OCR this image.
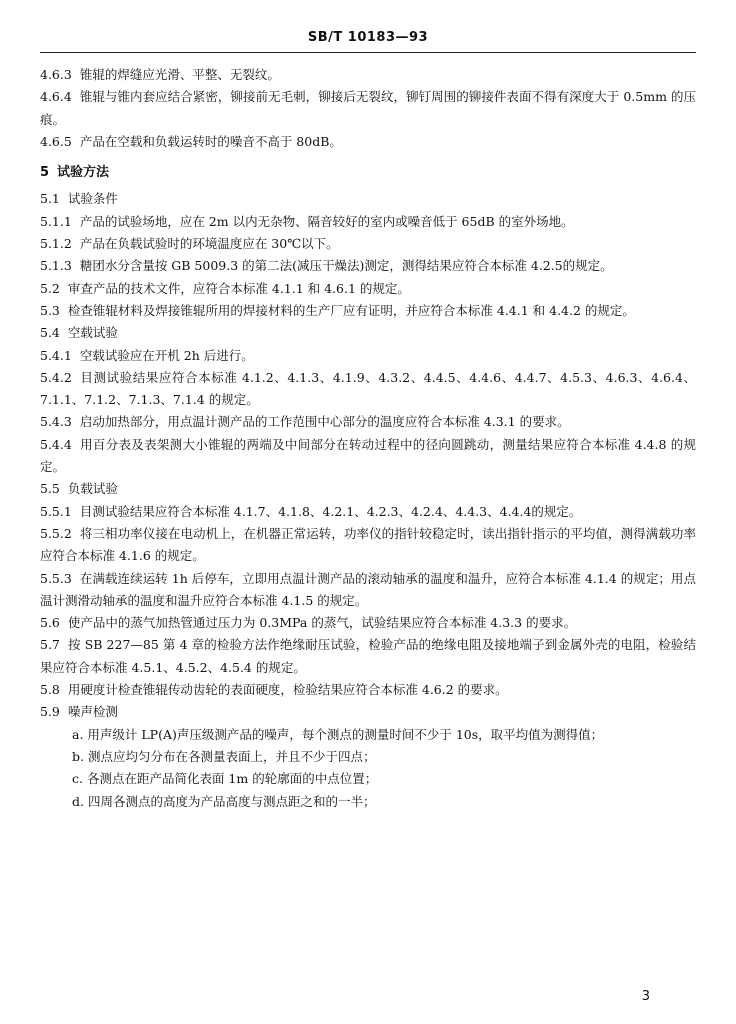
SB/T 10183—93

4.6.3 锥辊的焊缝应光滑、平整、无裂纹。

4.6.4 锥辊与锥内套应结合紧密，铆接前无毛刺，铆接后无裂纹，铆钉周围的铆接件表面不得有深度大于 0.5mm 的压痕。

4.6.5 产品在空载和负载运转时的噪音不高于 80dB。

5 试验方法

5.1 试验条件

5.1.1 产品的试验场地，应在 2m 以内无杂物、隔音较好的室内或噪音低于 65dB 的室外场地。

5.1.2 产品在负载试验时的环境温度应在 30℃以下。

5.1.3 糖团水分含量按 GB 5009.3 的第二法(减压干燥法)测定，测得结果应符合本标准 4.2.5的规定。

5.2 审查产品的技术文件，应符合本标准 4.1.1 和 4.6.1 的规定。

5.3 检查锥辊材料及焊接锥辊所用的焊接材料的生产厂应有证明，并应符合本标准 4.4.1 和 4.4.2 的规定。

5.4 空载试验

5.4.1 空载试验应在开机 2h 后进行。

5.4.2 目测试验结果应符合本标准 4.1.2、4.1.3、4.1.9、4.3.2、4.4.5、4.4.6、4.4.7、4.5.3、4.6.3、4.6.4、7.1.1、7.1.2、7.1.3、7.1.4 的规定。

5.4.3 启动加热部分，用点温计测产品的工作范围中心部分的温度应符合本标准 4.3.1 的要求。

5.4.4 用百分表及表架测大小锥辊的两端及中间部分在转动过程中的径向圆跳动，测量结果应符合本标准 4.4.8 的规定。

5.5 负载试验

5.5.1 目测试验结果应符合本标准 4.1.7、4.1.8、4.2.1、4.2.3、4.2.4、4.4.3、4.4.4的规定。

5.5.2 将三相功率仪接在电动机上，在机器正常运转，功率仪的指针较稳定时，读出指针指示的平均值，测得满载功率应符合本标准 4.1.6 的规定。

5.5.3 在满载连续运转 1h 后停车，立即用点温计测产品的滚动轴承的温度和温升，应符合本标准 4.1.4 的规定；用点温计测滑动轴承的温度和温升应符合本标准 4.1.5 的规定。

5.6 使产品中的蒸气加热管通过压力为 0.3MPa 的蒸气，试验结果应符合本标准 4.3.3 的要求。

5.7 按 SB 227—85 第 4 章的检验方法作绝缘耐压试验，检验产品的绝缘电阻及接地端子到金属外壳的电阻，检验结果应符合本标准 4.5.1、4.5.2、4.5.4 的规定。

5.8 用硬度计检查锥辊传动齿轮的表面硬度，检验结果应符合本标准 4.6.2 的要求。

5.9 噪声检测

a. 用声级计 LP(A)声压级测产品的噪声，每个测点的测量时间不少于 10s，取平均值为测得值；

b. 测点应均匀分布在各测量表面上，并且不少于四点；

c. 各测点在距产品简化表面 1m 的轮廓面的中点位置；

d. 四周各测点的高度为产品高度与测点距之和的一半；

3
